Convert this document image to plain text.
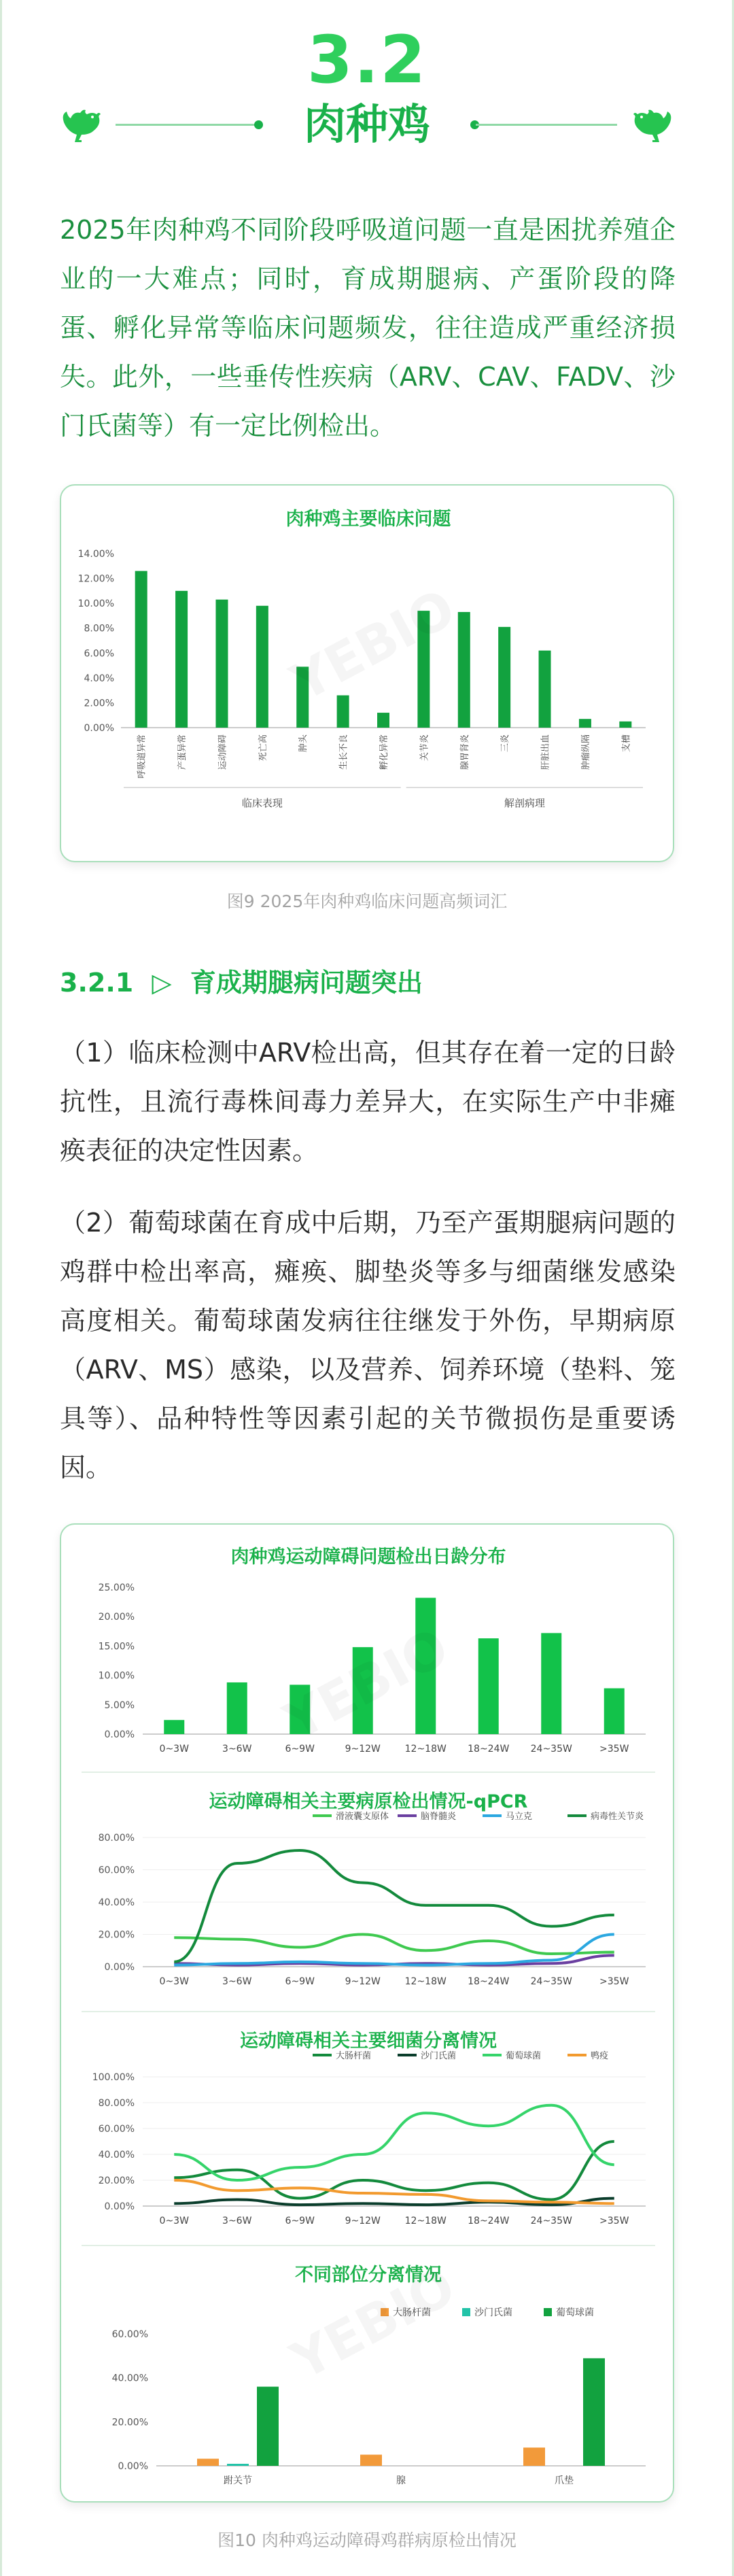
3.2
肉种鸡
2025年肉种鸡不同阶段呼吸道问题一直是困扰养殖企业的一大难点；同时，育成期腿病、产蛋阶段的降蛋、孵化异常等临床问题频发，往往造成严重经济损失。此外，一些垂传性疾病（ARV、CAV、FADV、沙门氏菌等）有一定比例检出。
肉种鸡主要临床问题
14.00%
12.00%
10.00%
8.00%
6.00%
4.00%
2.00%
0.00%
呼吸道异常	产蛋异常	运动障碍	死亡高	肿头	生长不良	孵化异常	关节炎	腺胃肾炎	三炎	肝脏出血	肿瘤纵隔	支槽
临床表现	解剖病理
图9 2025年肉种鸡临床问题高频词汇
3.2.1 ▷ 育成期腿病问题突出
（1）临床检测中ARV检出高，但其存在着一定的日龄抗性，且流行毒株间毒力差异大，在实际生产中非瘫痪表征的决定性因素。
（2）葡萄球菌在育成中后期，乃至产蛋期腿病问题的鸡群中检出率高，瘫痪、脚垫炎等多与细菌继发感染高度相关。葡萄球菌发病往往继发于外伤，早期病原（ARV、MS）感染，以及营养、饲养环境（垫料、笼具等）、品种特性等因素引起的关节微损伤是重要诱因。
肉种鸡运动障碍问题检出日龄分布
25.00%
20.00%
15.00%
10.00%
5.00%
0.00%
0~3W	3~6W	6~9W	9~12W	12~18W 18~24W 24~35W	>35W
运动障碍相关主要病原检出情况-qPCR
80.00%
60.00%
40.00%
20.00%
0.00%
0~3W	3~6W	6~9W	9~12W	12~18W 18~24W 24~35W	>35W
滑液囊支原体	脑脊髓炎	马立克	病毒性关节炎
运动障碍相关主要细菌分离情况
100.00%
80.00%
60.00%
40.00%
20.00%
0.00%
0~3W	3~6W	6~9W	9~12W	12~18W 18~24W 24~35W	>35W
大肠杆菌	沙门氏菌	葡萄球菌	鸭疫
不同部位分离情况
60.00%
40.00%
20.00%
0.00%
跗关节	腺	爪垫
大肠杆菌	沙门氏菌	葡萄球菌
图10 肉种鸡运动障碍鸡群病原检出情况
